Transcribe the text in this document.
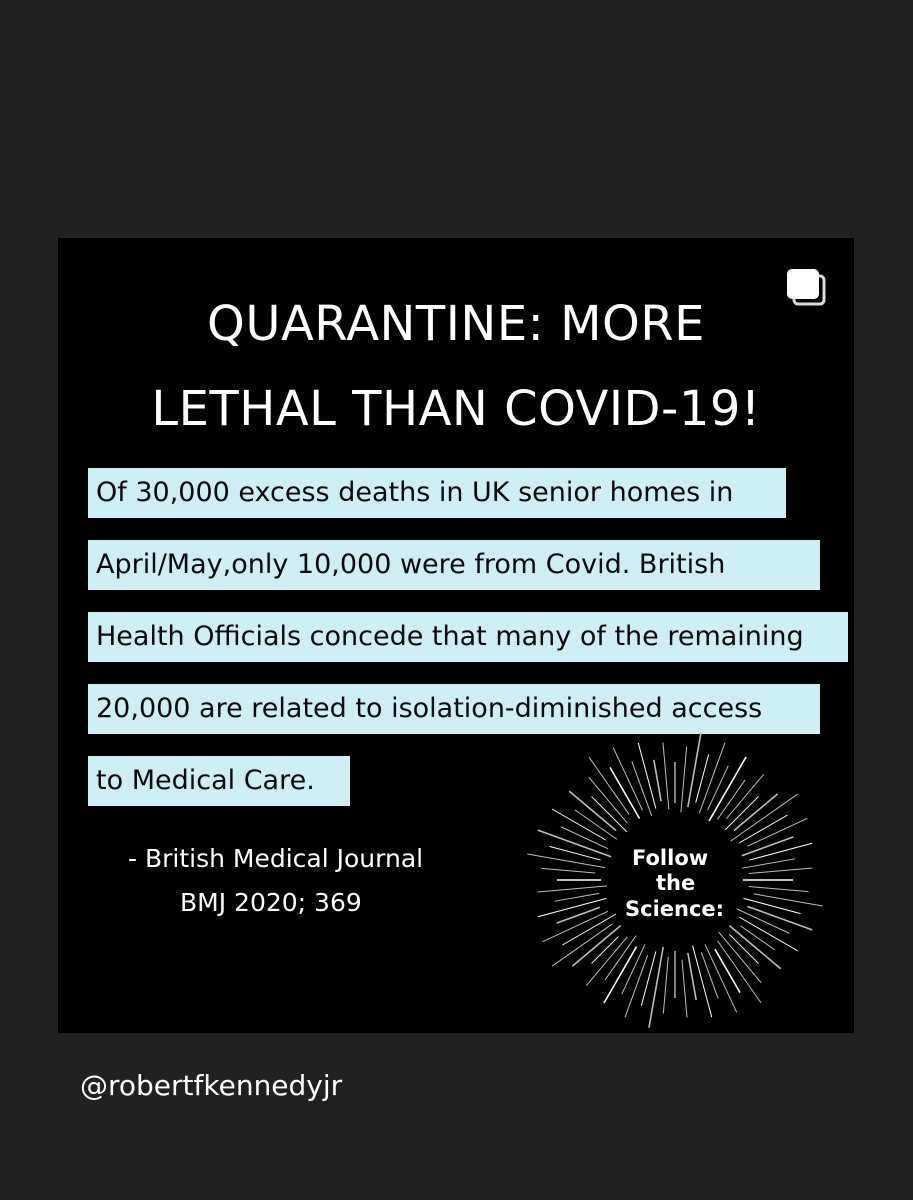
QUARANTINE: MORE
LETHAL THAN COVID-19!
Of 30,000 excess deaths in UK senior homes in
April/May,only 10,000 were from Covid. British
Health Officials concede that many of the remaining
20,000 are related to isolation-diminished access
to Medical Care.
- British Medical Journal
BMJ 2020; 369
Follow
the
Science:
@robertfkennedyjr
